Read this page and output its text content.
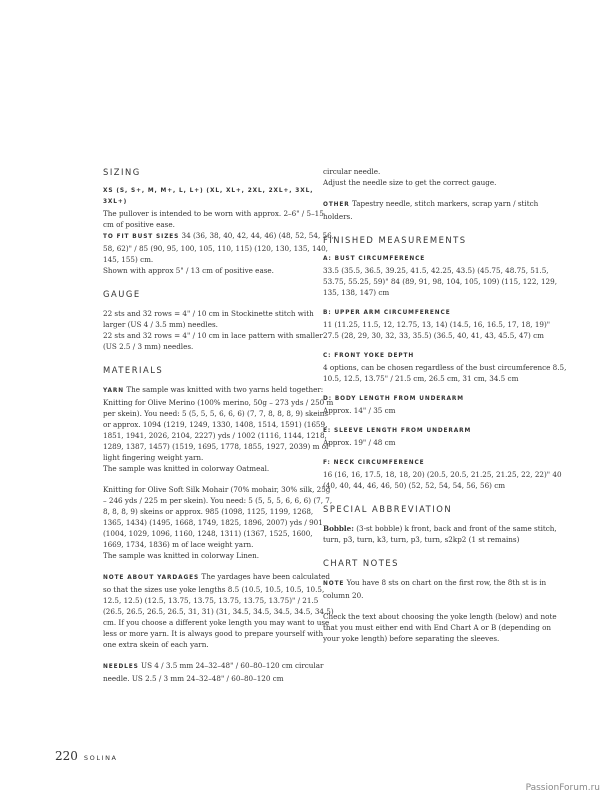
SIZING

XS (S, S+, M, M+, L, L+) (XL, XL+, 2XL, 2XL+, 3XL, 3XL+)

The pullover is intended to be worn with approx. 2–6" / 5–15 cm of positive ease.

TO FIT BUST SIZES 34 (36, 38, 40, 42, 44, 46) (48, 52, 54, 56, 58, 62)" / 85 (90, 95, 100, 105, 110, 115) (120, 130, 135, 140, 145, 155) cm.

Shown with approx 5" / 13 cm of positive ease.

GAUGE

22 sts and 32 rows = 4" / 10 cm in Stockinette stitch with larger (US 4 / 3.5 mm) needles.

22 sts and 32 rows = 4" / 10 cm in lace pattern with smaller (US 2.5 / 3 mm) needles.

MATERIALS

YARN The sample was knitted with two yarns held together:

Knitting for Olive Merino (100% merino, 50g – 273 yds / 250 m per skein). You need: 5 (5, 5, 5, 6, 6, 6) (7, 7, 8, 8, 8, 9) skeins or approx. 1094 (1219, 1249, 1330, 1408, 1514, 1591) (1659, 1851, 1941, 2026, 2104, 2227) yds / 1002 (1116, 1144, 1218, 1289, 1387, 1457) (1519, 1695, 1778, 1855, 1927, 2039) m of light fingering weight yarn.

The sample was knitted in colorway Oatmeal.

Knitting for Olive Soft Silk Mohair (70% mohair, 30% silk, 25g – 246 yds / 225 m per skein). You need: 5 (5, 5, 5, 6, 6, 6) (7, 7, 8, 8, 8, 9) skeins or approx. 985 (1098, 1125, 1199, 1268, 1365, 1434) (1495, 1668, 1749, 1825, 1896, 2007) yds / 901 (1004, 1029, 1096, 1160, 1248, 1311) (1367, 1525, 1600, 1669, 1734, 1836) m of lace weight yarn.

The sample was knitted in colorway Linen.

NOTE ABOUT YARDAGES The yardages have been calculated so that the sizes use yoke lengths 8.5 (10.5, 10.5, 10.5, 10.5, 12.5, 12.5) (12.5, 13.75, 13.75, 13.75, 13.75, 13.75)" / 21.5 (26.5, 26.5, 26.5, 26.5, 31, 31) (31, 34.5, 34.5, 34.5, 34.5, 34.5) cm. If you choose a different yoke length you may want to use less or more yarn. It is always good to prepare yourself with one extra skein of each yarn.

NEEDLES US 4 / 3.5 mm 24–32–48" / 60–80–120 cm circular needle. US 2.5 / 3 mm 24–32–48" / 60–80–120 cm

circular needle.

Adjust the needle size to get the correct gauge.

OTHER Tapestry needle, stitch markers, scrap yarn / stitch holders.

FINISHED MEASUREMENTS

A: BUST CIRCUMFERENCE

33.5 (35.5, 36.5, 39.25, 41.5, 42.25, 43.5) (45.75, 48.75, 51.5, 53.75, 55.25, 59)" 84 (89, 91, 98, 104, 105, 109) (115, 122, 129, 135, 138, 147) cm

B: UPPER ARM CIRCUMFERENCE

11 (11.25, 11.5, 12, 12.75, 13, 14) (14.5, 16, 16.5, 17, 18, 19)" 27.5 (28, 29, 30, 32, 33, 35.5) (36.5, 40, 41, 43, 45.5, 47) cm

C: FRONT YOKE DEPTH

4 options, can be chosen regardless of the bust circumference 8.5, 10.5, 12.5, 13.75" / 21.5 cm, 26.5 cm, 31 cm, 34.5 cm

D: BODY LENGTH FROM UNDERARM

Approx. 14" / 35 cm

E: SLEEVE LENGTH FROM UNDERARM

Approx. 19" / 48 cm

F: NECK CIRCUMFERENCE

16 (16, 16, 17.5, 18, 18, 20) (20.5, 20.5, 21.25, 21.25, 22, 22)" 40 (40, 40, 44, 46, 46, 50) (52, 52, 54, 54, 56, 56) cm

SPECIAL ABBREVIATION

Bobble: (3-st bobble) k front, back and front of the same stitch, turn, p3, turn, k3, turn, p3, turn, s2kp2 (1 st remains)

CHART NOTES

NOTE You have 8 sts on chart on the first row, the 8th st is in column 20.

Check the text about choosing the yoke length (below) and note that you must either end with End Chart A or B (depending on your yoke length) before separating the sleeves.

220 SOLINA
PassionForum.ru
